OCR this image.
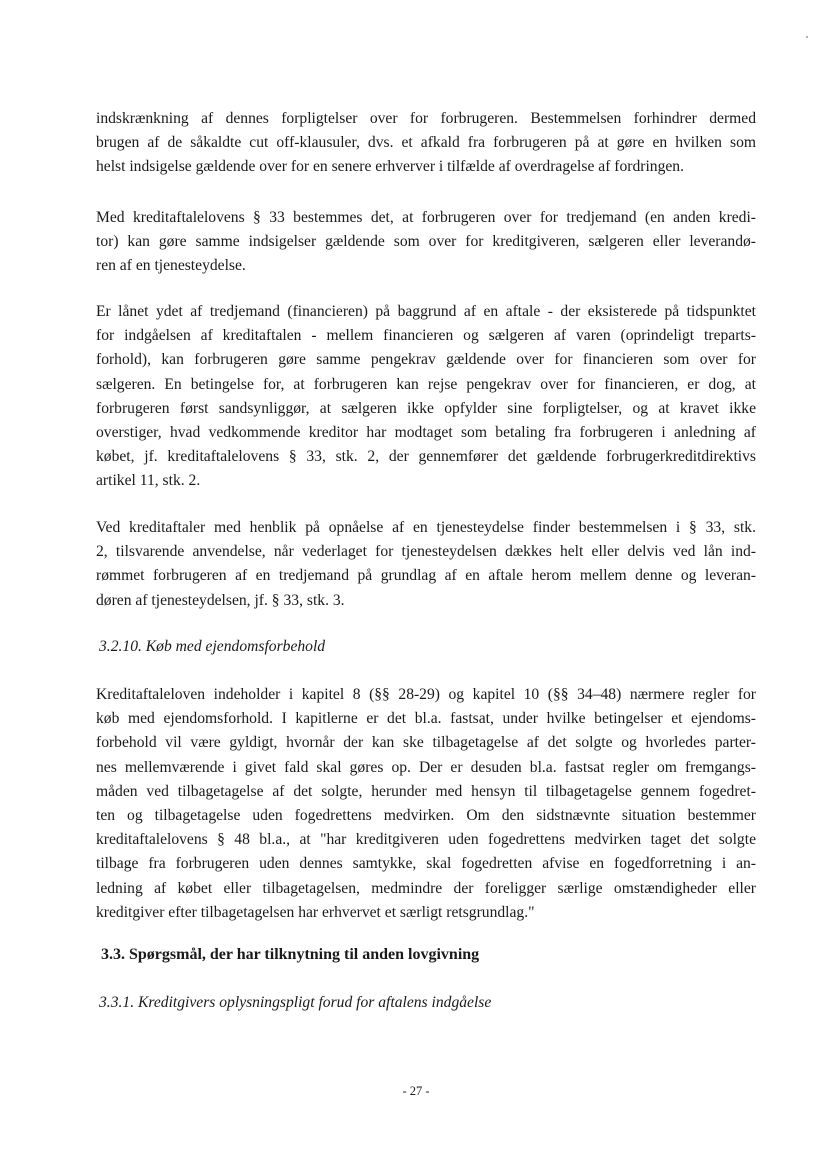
indskrænkning af dennes forpligtelser over for forbrugeren. Bestemmelsen forhindrer dermed
brugen af de såkaldte cut off-klausuler, dvs. et afkald fra forbrugeren på at gøre en hvilken som
helst indsigelse gældende over for en senere erhverver i tilfælde af overdragelse af fordringen.

Med kreditaftalelovens § 33 bestemmes det, at forbrugeren over for tredjemand (en anden kredi-
tor) kan gøre samme indsigelser gældende som over for kreditgiveren, sælgeren eller leverandø-
ren af en tjenesteydelse.

Er lånet ydet af tredjemand (financieren) på baggrund af en aftale - der eksisterede på tidspunktet
for indgåelsen af kreditaftalen - mellem financieren og sælgeren af varen (oprindeligt treparts-
forhold), kan forbrugeren gøre samme pengekrav gældende over for financieren som over for
sælgeren. En betingelse for, at forbrugeren kan rejse pengekrav over for financieren, er dog, at
forbrugeren først sandsynliggør, at sælgeren ikke opfylder sine forpligtelser, og at kravet ikke
overstiger, hvad vedkommende kreditor har modtaget som betaling fra forbrugeren i anledning af
købet, jf. kreditaftalelovens § 33, stk. 2, der gennemfører det gældende forbrugerkreditdirektivs
artikel 11, stk. 2.

Ved kreditaftaler med henblik på opnåelse af en tjenesteydelse finder bestemmelsen i § 33, stk.
2, tilsvarende anvendelse, når vederlaget for tjenesteydelsen dækkes helt eller delvis ved lån ind-
rømmet forbrugeren af en tredjemand på grundlag af en aftale herom mellem denne og leveran-
døren af tjenesteydelsen, jf. § 33, stk. 3.

3.2.10. Køb med ejendomsforbehold

Kreditaftaleloven indeholder i kapitel 8 (§§ 28-29) og kapitel 10 (§§ 34–48) nærmere regler for
køb med ejendomsforhold. I kapitlerne er det bl.a. fastsat, under hvilke betingelser et ejendoms-
forbehold vil være gyldigt, hvornår der kan ske tilbagetagelse af det solgte og hvorledes parter-
nes mellemværende i givet fald skal gøres op. Der er desuden bl.a. fastsat regler om fremgangs-
måden ved tilbagetagelse af det solgte, herunder med hensyn til tilbagetagelse gennem fogedret-
ten og tilbagetagelse uden fogedrettens medvirken. Om den sidstnævnte situation bestemmer
kreditaftalelovens § 48 bl.a., at "har kreditgiveren uden fogedrettens medvirken taget det solgte
tilbage fra forbrugeren uden dennes samtykke, skal fogedretten afvise en fogedforretning i an-
ledning af købet eller tilbagetagelsen, medmindre der foreligger særlige omstændigheder eller
kreditgiver efter tilbagetagelsen har erhvervet et særligt retsgrundlag."

3.3. Spørgsmål, der har tilknytning til anden lovgivning

3.3.1. Kreditgivers oplysningspligt forud for aftalens indgåelse

- 27 -
